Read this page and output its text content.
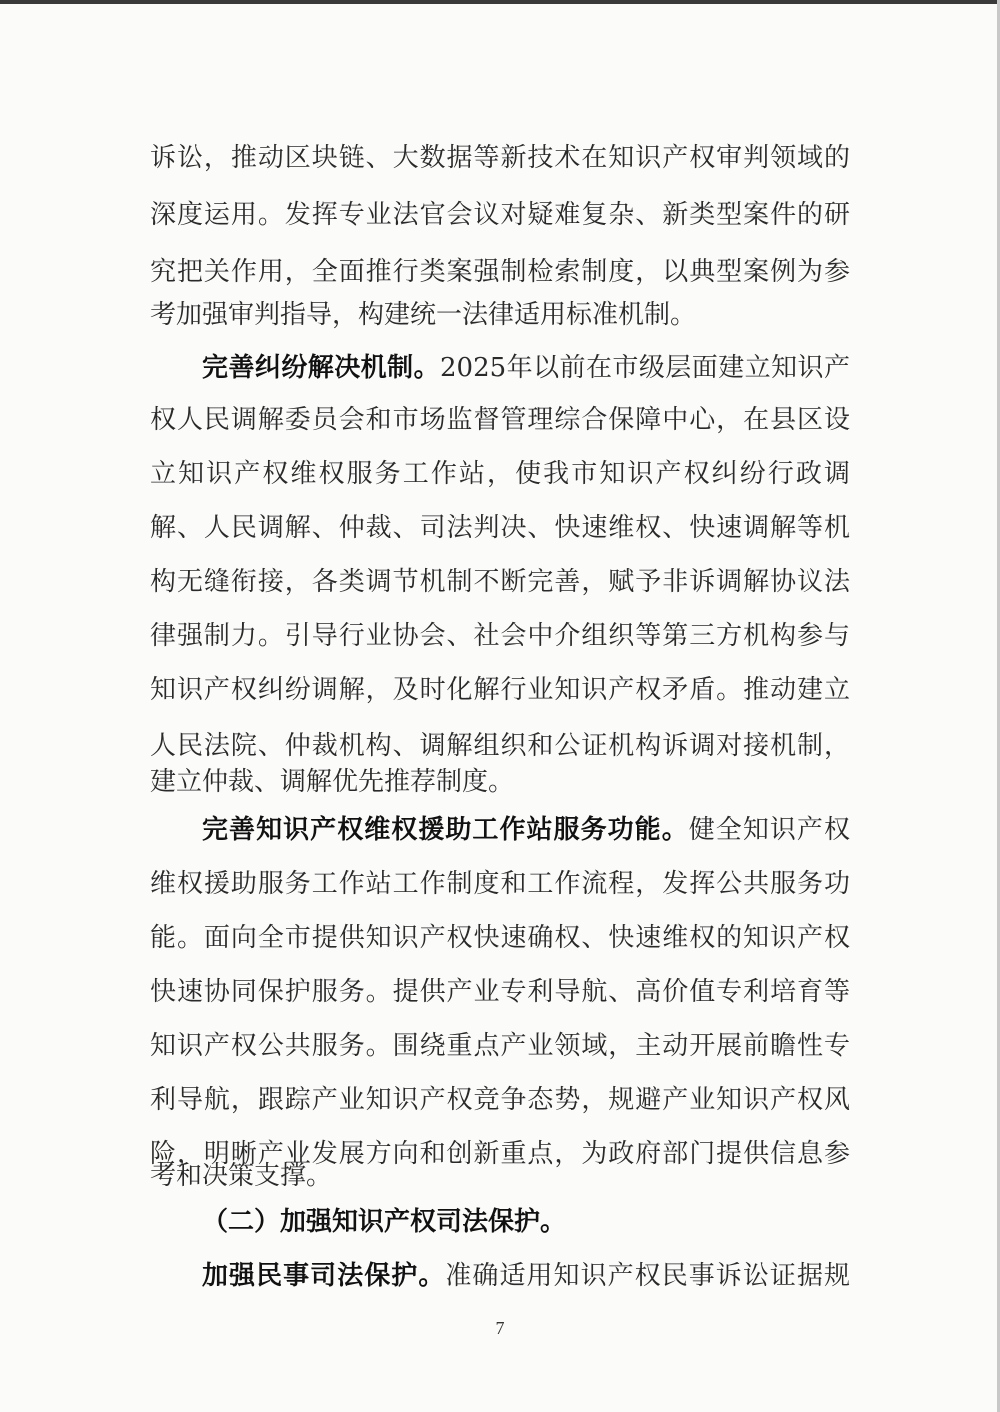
诉讼，推动区块链、大数据等新技术在知识产权审判领域的
深度运用。发挥专业法官会议对疑难复杂、新类型案件的研
究把关作用，全面推行类案强制检索制度，以典型案例为参
考加强审判指导，构建统一法律适用标准机制。
完善纠纷解决机制。2025年以前在市级层面建立知识产
权人民调解委员会和市场监督管理综合保障中心，在县区设
立知识产权维权服务工作站，使我市知识产权纠纷行政调
解、人民调解、仲裁、司法判决、快速维权、快速调解等机
构无缝衔接，各类调节机制不断完善，赋予非诉调解协议法
律强制力。引导行业协会、社会中介组织等第三方机构参与
知识产权纠纷调解，及时化解行业知识产权矛盾。推动建立
人民法院、仲裁机构、调解组织和公证机构诉调对接机制，
建立仲裁、调解优先推荐制度。
完善知识产权维权援助工作站服务功能。健全知识产权
维权援助服务工作站工作制度和工作流程，发挥公共服务功
能。面向全市提供知识产权快速确权、快速维权的知识产权
快速协同保护服务。提供产业专利导航、高价值专利培育等
知识产权公共服务。围绕重点产业领域，主动开展前瞻性专
利导航，跟踪产业知识产权竞争态势，规避产业知识产权风
险，明晰产业发展方向和创新重点，为政府部门提供信息参
考和决策支撑。
（二）加强知识产权司法保护。
加强民事司法保护。准确适用知识产权民事诉讼证据规
7
